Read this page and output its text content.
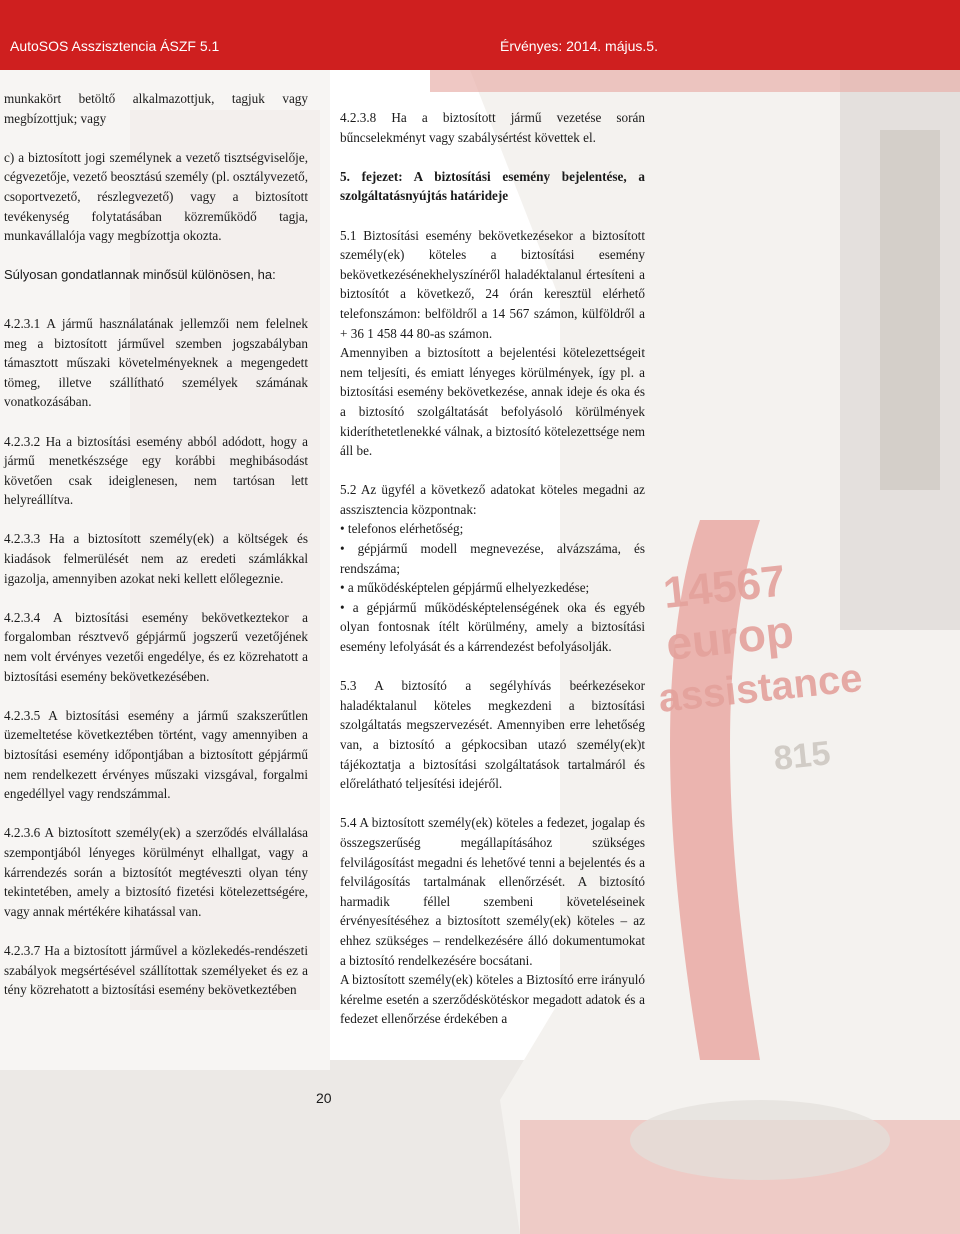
14567
europ
assistance
815
AutoSOS Asszisztencia ÁSZF 5.1	Érvényes: 2014. május.5.

munkakört betöltő alkalmazottjuk, tagjuk vagy megbízottjuk; vagy

c) a biztosított jogi személynek a vezető tisztségviselője, cégvezetője, vezető beosztású személy (pl. osztályvezető, csoportvezető, részlegvezető) vagy a biztosított tevékenység folytatásában közreműködő tagja, munkavállalója vagy megbízottja okozta.

Súlyosan gondatlannak minősül különösen, ha:

4.2.3.1 A jármű használatának jellemzői nem felelnek meg a biztosított járművel szemben jogszabályban támasztott műszaki követelményeknek a megengedett tömeg, illetve szállítható személyek számának vonatkozásában.

4.2.3.2 Ha a biztosítási esemény abból adódott, hogy a jármű menetkészsége egy korábbi meghibásodást követően csak ideiglenesen, nem tartósan lett helyreállítva.

4.2.3.3 Ha a biztosított személy(ek) a költségek és kiadások felmerülését nem az eredeti számlákkal igazolja, amennyiben azokat neki kellett előlegeznie.

4.2.3.4 A biztosítási esemény bekövetkeztekor a forgalomban résztvevő gépjármű jogszerű vezetőjének nem volt érvényes vezetői engedélye, és ez közrehatott a biztosítási esemény bekövetkezésében.

4.2.3.5 A biztosítási esemény a jármű szakszerűtlen üzemeltetése következtében történt, vagy amennyiben a biztosítási esemény időpontjában a biztosított gépjármű nem rendelkezett érvényes műszaki vizsgával, forgalmi engedéllyel vagy rendszámmal.

4.2.3.6 A biztosított személy(ek) a szerződés elvállalása szempontjából lényeges körülményt elhallgat, vagy a kárrendezés során a biztosítót megtéveszti olyan tény tekintetében, amely a biztosító fizetési kötelezettségére, vagy annak mértékére kihatással van.

4.2.3.7 Ha a biztosított járművel a közlekedés-rendészeti szabályok megsértésével szállítottak személyeket és ez a tény közrehatott a biztosítási esemény bekövetkeztében

4.2.3.8 Ha a biztosított jármű vezetése során bűncselekményt vagy szabálysértést követtek el.

5. fejezet: A biztosítási esemény bejelentése, a szolgáltatásnyújtás határideje

5.1 Biztosítási esemény bekövetkezésekor a biztosított személy(ek) köteles a biztosítási esemény bekövetkezésénekhelyszínéről haladéktalanul értesíteni a biztosítót a következő, 24 órán keresztül elérhető telefonszámon: belföldről a 14 567 számon, külföldről a + 36 1 458 44 80-as számon.

Amennyiben a biztosított a bejelentési kötelezettségeit nem teljesíti, és emiatt lényeges körülmények, így pl. a biztosítási esemény bekövetkezése, annak ideje és oka és a biztosító szolgáltatását befolyásoló körülmények kideríthetetlenekké válnak, a biztosító kötelezettsége nem áll be.

5.2 Az ügyfél a következő adatokat köteles megadni az asszisztencia központnak:

• telefonos elérhetőség;

• gépjármű modell megnevezése, alvázszáma, és rendszáma;

• a működésképtelen gépjármű elhelyezkedése;

• a gépjármű működésképtelenségének oka és egyéb olyan fontosnak ítélt körülmény, amely a biztosítási esemény lefolyását és a kárrendezést befolyásolják.

5.3 A biztosító a segélyhívás beérkezésekor haladéktalanul köteles megkezdeni a biztosítási szolgáltatás megszervezését. Amennyiben erre lehetőség van, a biztosító a gépkocsiban utazó személy(ek)t tájékoztatja a biztosítási szolgáltatások tartalmáról és előrelátható teljesítési idejéről.

5.4 A biztosított személy(ek) köteles a fedezet, jogalap és összegszerűség megállapításához szükséges felvilágosítást megadni és lehetővé tenni a bejelentés és a felvilágosítás tartalmának ellenőrzését. A biztosító harmadik féllel szembeni követeléseinek érvényesítéséhez a biztosított személy(ek) köteles – az ehhez szükséges – rendelkezésére álló dokumentumokat a biztosító rendelkezésére bocsátani.

A biztosított személy(ek) köteles a Biztosító erre irányuló kérelme esetén a szerződéskötéskor megadott adatok és a fedezet ellenőrzése érdekében a

20
